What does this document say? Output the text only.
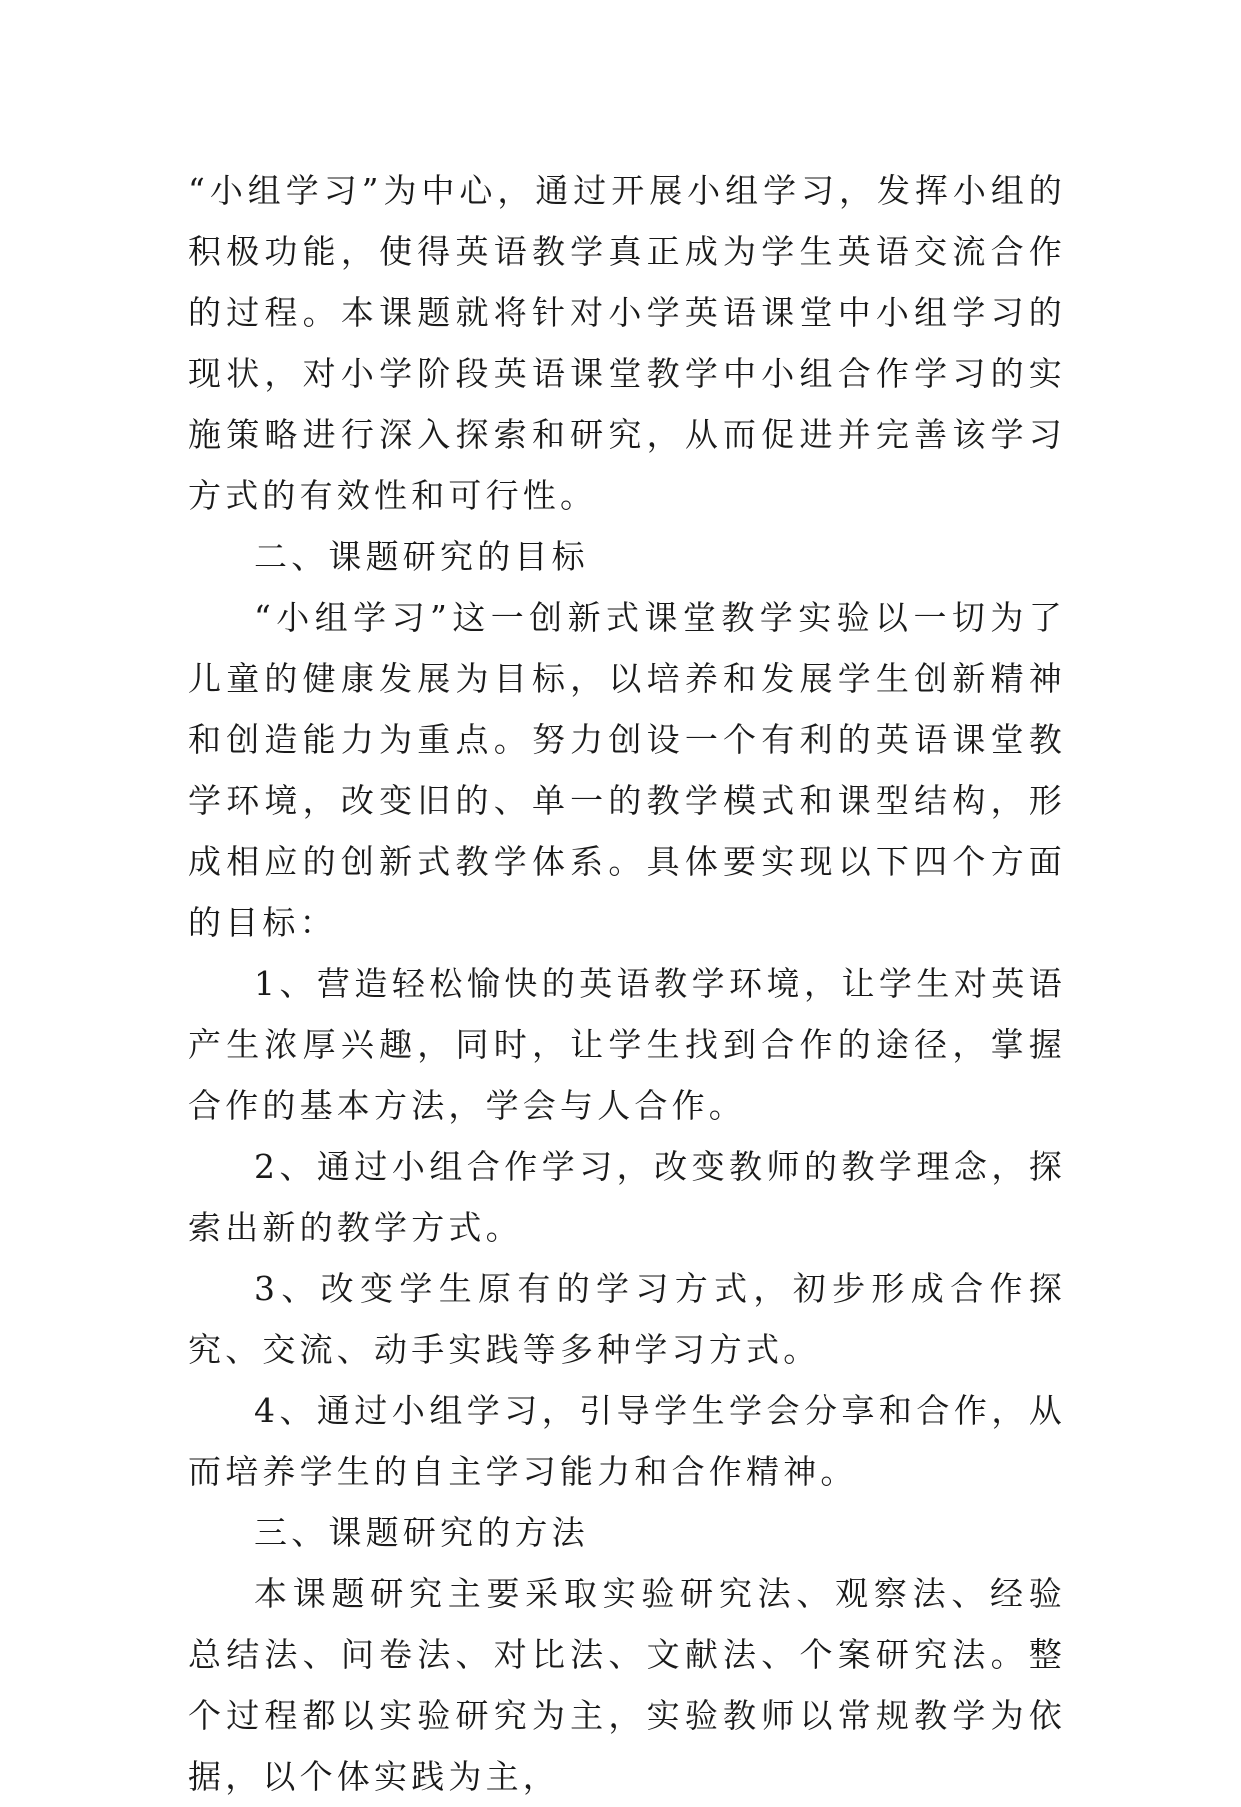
“小组学习”为中心，通过开展小组学习，发挥小组的积极功能，使得英语教学真正成为学生英语交流合作的过程。本课题就将针对小学英语课堂中小组学习的现状，对小学阶段英语课堂教学中小组合作学习的实施策略进行深入探索和研究，从而促进并完善该学习方式的有效性和可行性。

二、课题研究的目标

“小组学习”这一创新式课堂教学实验以一切为了儿童的健康发展为目标，以培养和发展学生创新精神和创造能力为重点。努力创设一个有利的英语课堂教学环境，改变旧的、单一的教学模式和课型结构，形成相应的创新式教学体系。具体要实现以下四个方面的目标：

1、营造轻松愉快的英语教学环境，让学生对英语产生浓厚兴趣，同时，让学生找到合作的途径，掌握合作的基本方法，学会与人合作。

2、通过小组合作学习，改变教师的教学理念，探索出新的教学方式。

3、改变学生原有的学习方式，初步形成合作探究、交流、动手实践等多种学习方式。

4、通过小组学习，引导学生学会分享和合作，从而培养学生的自主学习能力和合作精神。

三、课题研究的方法

本课题研究主要采取实验研究法、观察法、经验总结法、问卷法、对比法、文献法、个案研究法。整个过程都以实验研究为主，实验教师以常规教学为依据，以个体实践为主，
